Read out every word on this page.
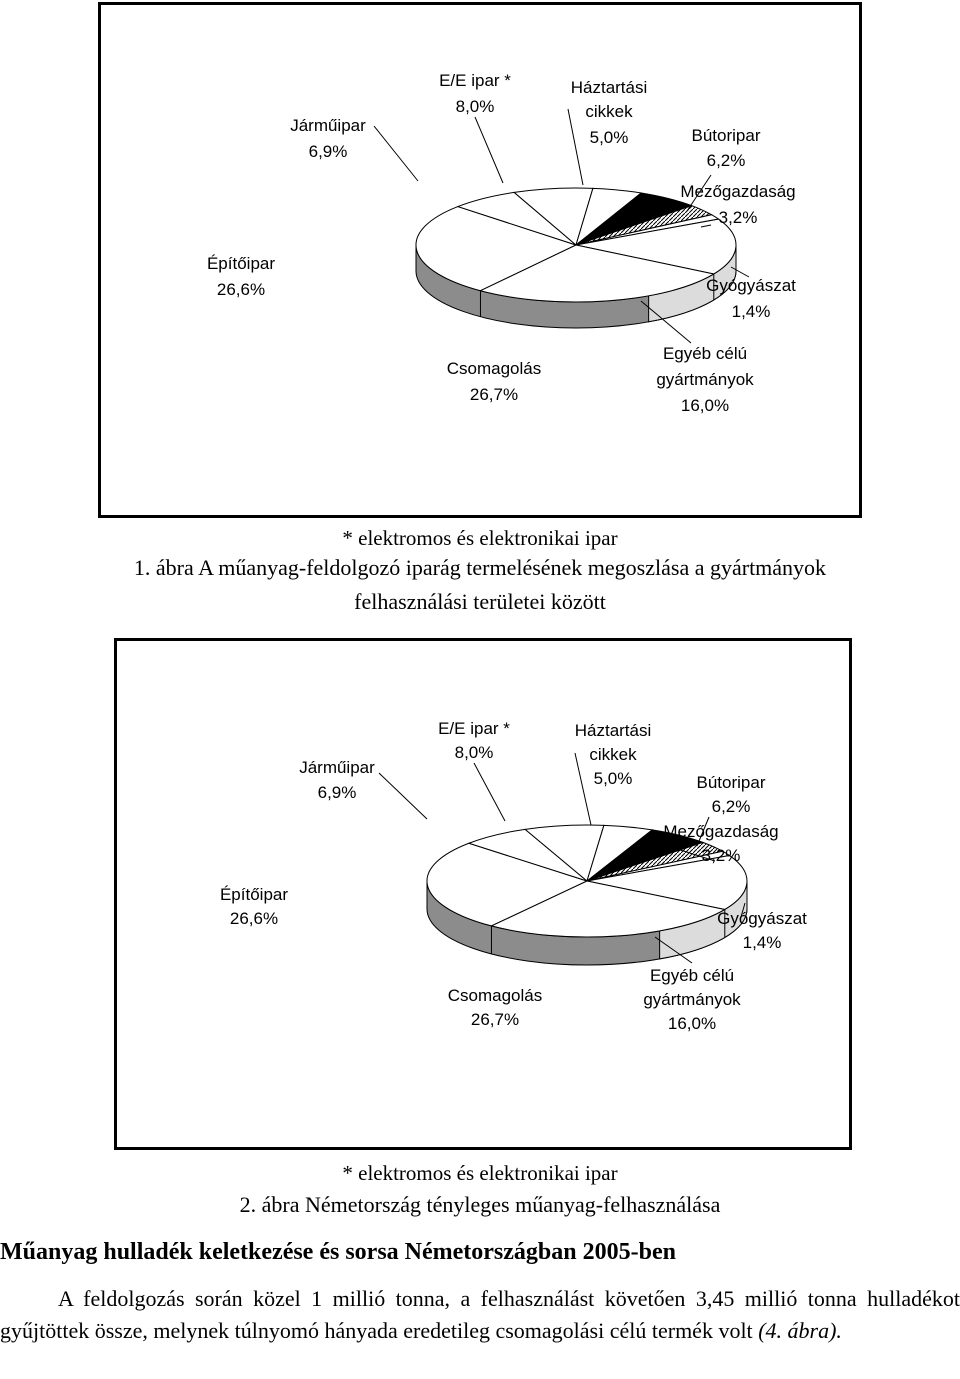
Járműipar
6,9%
E/E ipar *
8,0%
Háztartási
cikkek
5,0%	Bútoripar
6,2%
Mezőgazdaság
3,2%
Építőipar
26,6%	Gyógyászat
1,4%
Csomagolás
26,7%
Egyéb célú
gyártmányok
16,0%
* elektromos és elektronikai ipar
1. ábra A műanyag-feldolgozó iparág termelésének megoszlása a gyártmányok
felhasználási területei között
Járműipar
6,9%
E/E ipar *
8,0%
Háztartási
cikkek
5,0%	Bútoripar
6,2%
Mezőgazdaság
3,2%
Építőipar
26,6%	Gyógyászat
1,4%
Csomagolás
26,7%
Egyéb célú
gyártmányok
16,0%
* elektromos és elektronikai ipar
2. ábra Németország tényleges műanyag-felhasználása
Műanyag hulladék keletkezése és sorsa Németországban 2005-ben
A feldolgozás során közel 1 millió tonna, a felhasználást követően 3,45 millió tonna hulladékot gyűjtöttek össze, melynek túlnyomó hányada eredetileg csomagolási célú termék volt (4. ábra).
